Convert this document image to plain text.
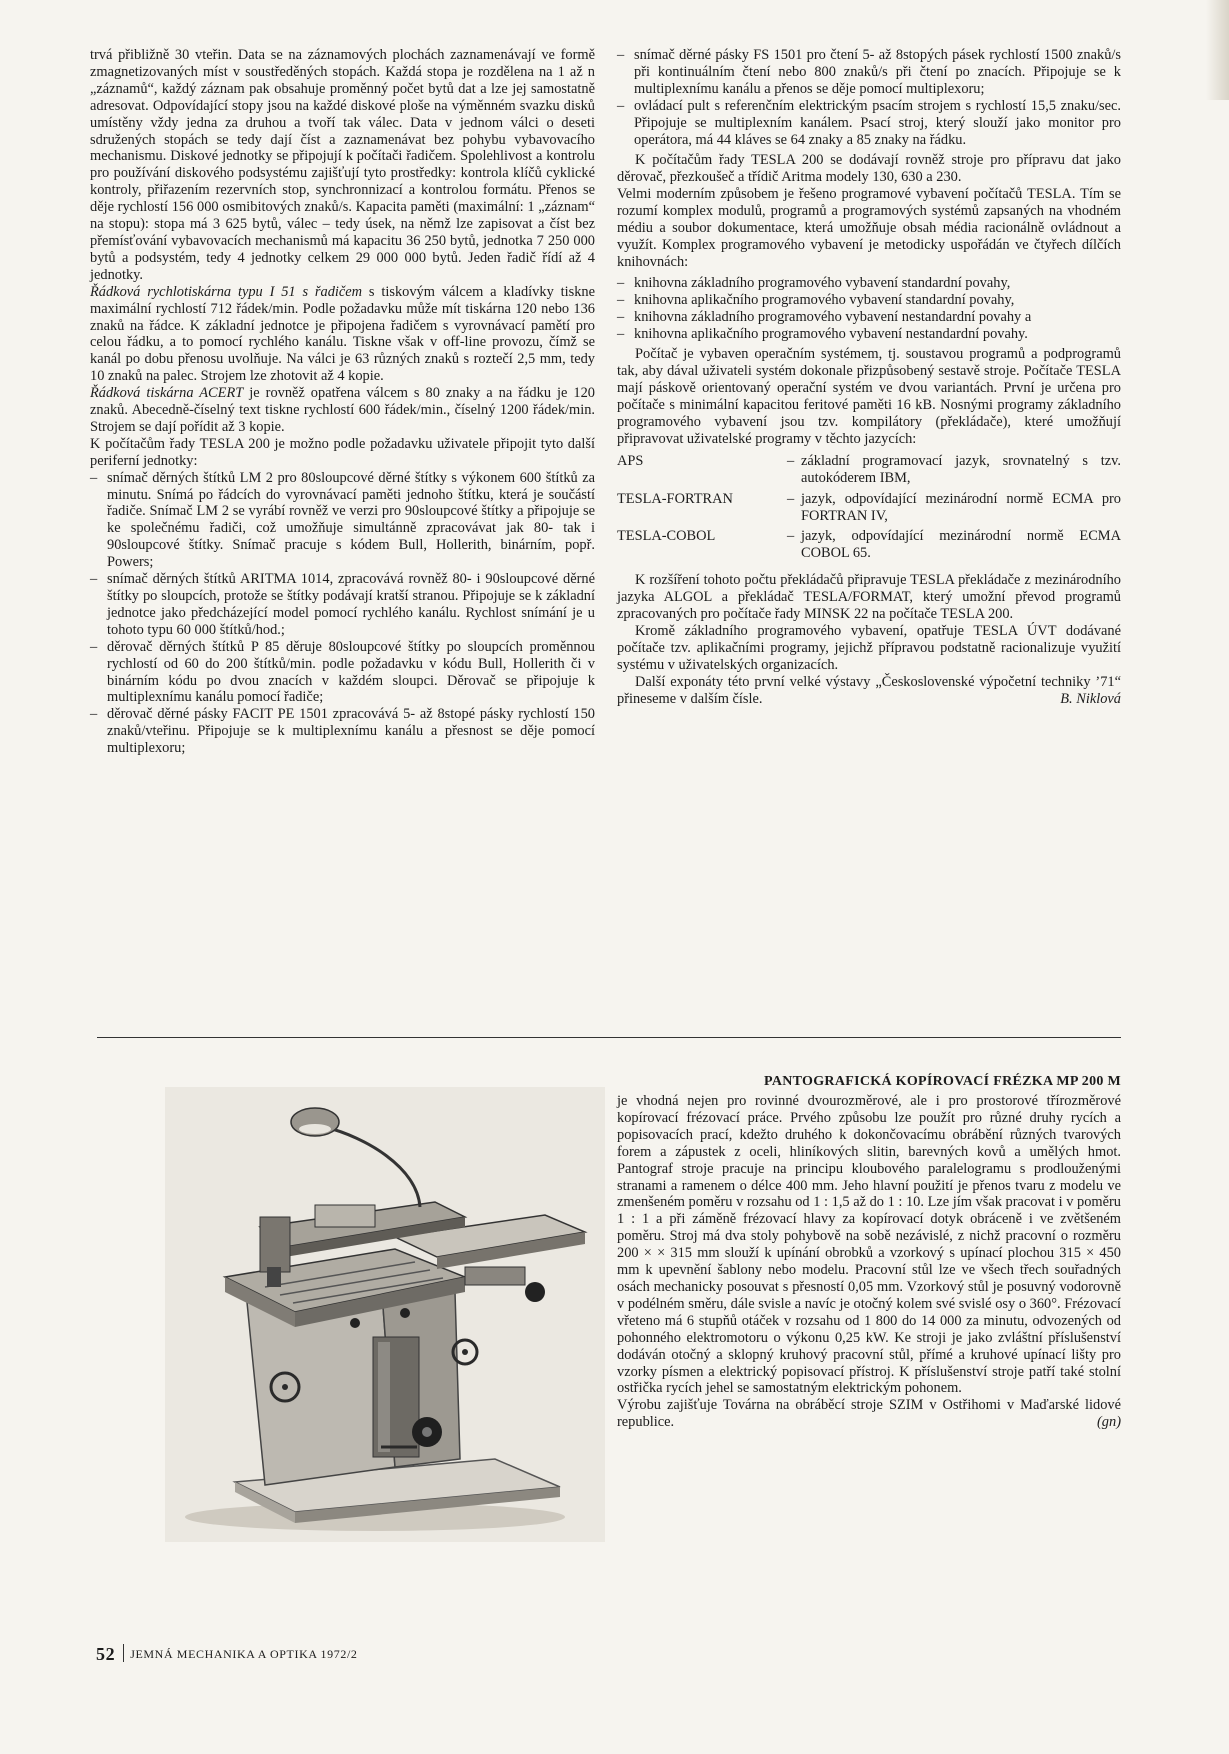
trvá přibližně 30 vteřin. Data se na záznamových plochách zaznamenávají ve formě zmagnetizovaných míst v soustředěných stopách. Každá stopa je rozdělena na 1 až n „záznamů“, každý záznam pak obsahuje proměnný počet bytů dat a lze jej samostatně adresovat. Odpovídající stopy jsou na každé diskové ploše na výměnném svazku disků umístěny vždy jedna za druhou a tvoří tak válec. Data v jednom válci o deseti sdružených stopách se tedy dají číst a zaznamenávat bez pohybu vybavovacího mechanismu. Diskové jednotky se připojují k počítači řadičem. Spolehlivost a kontrolu pro používání diskového podsystému zajišťují tyto prostředky: kontrola klíčů cyklické kontroly, přiřazením rezervních stop, synchronnizací a kontrolou formátu. Přenos se děje rychlostí 156 000 osmibitových znaků/s. Kapacita paměti (maximální: 1 „záznam“ na stopu): stopa má 3 625 bytů, válec – tedy úsek, na němž lze zapisovat a číst bez přemísťování vybavovacích mechanismů má kapacitu 36 250 bytů, jednotka 7 250 000 bytů a podsystém, tedy 4 jednotky celkem 29 000 000 bytů. Jeden řadič řídí až 4 jednotky.

Řádková rychlotiskárna typu I 51 s řadičem s tiskovým válcem a kladívky tiskne maximální rychlostí 712 řádek/min. Podle požadavku může mít tiskárna 120 nebo 136 znaků na řádce. K základní jednotce je připojena řadičem s vyrovnávací pamětí pro celou řádku, a to pomocí rychlého kanálu. Tiskne však v off-line provozu, čímž se kanál po dobu přenosu uvolňuje. Na válci je 63 různých znaků s roztečí 2,5 mm, tedy 10 znaků na palec. Strojem lze zhotovit až 4 kopie.

Řádková tiskárna ACERT je rovněž opatřena válcem s 80 znaky a na řádku je 120 znaků. Abecedně-číselný text tiskne rychlostí 600 řádek/min., číselný 1200 řádek/min. Strojem se dají pořídit až 3 kopie.

K počítačům řady TESLA 200 je možno podle požadavku uživatele připojit tyto další periferní jednotky:

– snímač děrných štítků LM 2 pro 80sloupcové děrné štítky s výkonem 600 štítků za minutu. Snímá po řádcích do vyrovnávací paměti jednoho štítku, která je součástí řadiče. Snímač LM 2 se vyrábí rovněž ve verzi pro 90sloupcové štítky a připojuje se ke společnému řadiči, což umožňuje simultánně zpracovávat jak 80- tak i 90sloupcové štítky. Snímač pracuje s kódem Bull, Hollerith, binárním, popř. Powers;

– snímač děrných štítků ARITMA 1014, zpracovává rovněž 80- i 90sloupcové děrné štítky po sloupcích, protože se štítky podávají kratší stranou. Připojuje se k základní jednotce jako předcházející model pomocí rychlého kanálu. Rychlost snímání je u tohoto typu 60 000 štítků/hod.;

– děrovač děrných štítků P 85 děruje 80sloupcové štítky po sloupcích proměnnou rychlostí od 60 do 200 štítků/min. podle požadavku v kódu Bull, Hollerith či v binárním kódu po dvou znacích v každém sloupci. Děrovač se připojuje k multiplexnímu kanálu pomocí řadiče;

– děrovač děrné pásky FACIT PE 1501 zpracovává 5- až 8stopé pásky rychlostí 150 znaků/vteřinu. Připojuje se k multiplexnímu kanálu a přesnost se děje pomocí multiplexoru;

– snímač děrné pásky FS 1501 pro čtení 5- až 8stopých pásek rychlostí 1500 znaků/s při kontinuálním čtení nebo 800 znaků/s při čtení po znacích. Připojuje se k multiplexnímu kanálu a přenos se děje pomocí multiplexoru;

– ovládací pult s referenčním elektrickým psacím strojem s rychlostí 15,5 znaku/sec. Připojuje se multiplexním kanálem. Psací stroj, který slouží jako monitor pro operátora, má 44 kláves se 64 znaky a 85 znaky na řádku.

K počítačům řady TESLA 200 se dodávají rovněž stroje pro přípravu dat jako děrovač, přezkoušeč a třídič Aritma modely 130, 630 a 230.

Velmi moderním způsobem je řešeno programové vybavení počítačů TESLA. Tím se rozumí komplex modulů, programů a programových systémů zapsaných na vhodném médiu a soubor dokumentace, která umožňuje obsah média racionálně ovládnout a využít. Komplex programového vybavení je metodicky uspořádán ve čtyřech dílčích knihovnách:

– knihovna základního programového vybavení standardní povahy,

– knihovna aplikačního programového vybavení standardní povahy,

– knihovna základního programového vybavení nestandardní povahy a

– knihovna aplikačního programového vybavení nestandardní povahy.

Počítač je vybaven operačním systémem, tj. soustavou programů a podprogramů tak, aby dával uživateli systém dokonale přizpůsobený sestavě stroje. Počítače TESLA mají páskově orientovaný operační systém ve dvou variantách. První je určena pro počítače s minimální kapacitou feritové paměti 16 kB. Nosnými programy základního programového vybavení jsou tzv. kompilátory (překládače), které umožňují připravovat uživatelské programy v těchto jazycích:

APS	–	základní programovací jazyk, srovnatelný s tzv. autokóderem IBM,
TESLA-FORTRAN	–	jazyk, odpovídající mezinárodní normě ECMA pro FORTRAN IV,
TESLA-COBOL	–	jazyk, odpovídající mezinárodní normě ECMA COBOL 65.

K rozšíření tohoto počtu překládačů připravuje TESLA překládače z mezinárodního jazyka ALGOL a překládač TESLA/FORMAT, který umožní převod programů zpracovaných pro počítače řady MINSK 22 na počítače TESLA 200.

Kromě základního programového vybavení, opatřuje TESLA ÚVT dodávané počítače tzv. aplikačními programy, jejichž přípravou podstatně racionalizuje využití systému v uživatelských organizacích.

Další exponáty této první velké výstavy „Československé výpočetní techniky ’71“ přineseme v dalším čísle.	B. Niklová

PANTOGRAFICKÁ KOPÍROVACÍ FRÉZKA MP 200 M

je vhodná nejen pro rovinné dvourozměrové, ale i pro prostorové třírozměrové kopírovací frézovací práce. Prvého způsobu lze použít pro různé druhy rycích a popisovacích prací, kdežto druhého k dokončovacímu obrábění různých tvarových forem a zápustek z oceli, hliníkových slitin, barevných kovů a umělých hmot. Pantograf stroje pracuje na principu kloubového paralelogramu s prodlouženými stranami a ramenem o délce 400 mm. Jeho hlavní použití je přenos tvaru z modelu ve zmenšeném poměru v rozsahu od 1 : 1,5 až do 1 : 10. Lze jím však pracovat i v poměru 1 : 1 a při záměně frézovací hlavy za kopírovací dotyk obráceně i ve zvětšeném poměru. Stroj má dva stoly pohybově na sobě nezávislé, z nichž pracovní o rozměru 200 × × 315 mm slouží k upínání obrobků a vzorkový s upínací plochou 315 × 450 mm k upevnění šablony nebo modelu. Pracovní stůl lze ve všech třech souřadných osách mechanicky posouvat s přesností 0,05 mm. Vzorkový stůl je posuvný vodorovně v podélném směru, dále svisle a navíc je otočný kolem své svislé osy o 360°. Frézovací vřeteno má 6 stupňů otáček v rozsahu od 1 800 do 14 000 za minutu, odvozených od pohonného elektromotoru o výkonu 0,25 kW. Ke stroji je jako zvláštní příslušenství dodáván otočný a sklopný kruhový pracovní stůl, přímé a kruhové upínací lišty pro vzorky písmen a elektrický popisovací přístroj. K příslušenství stroje patří také stolní ostřička rycích jehel se samostatným elektrickým pohonem.

Výrobu zajišťuje Továrna na obráběcí stroje SZIM v Ostřihomi v Maďarské lidové republice.	(gn)

52 JEMNÁ MECHANIKA A OPTIKA 1972/2
